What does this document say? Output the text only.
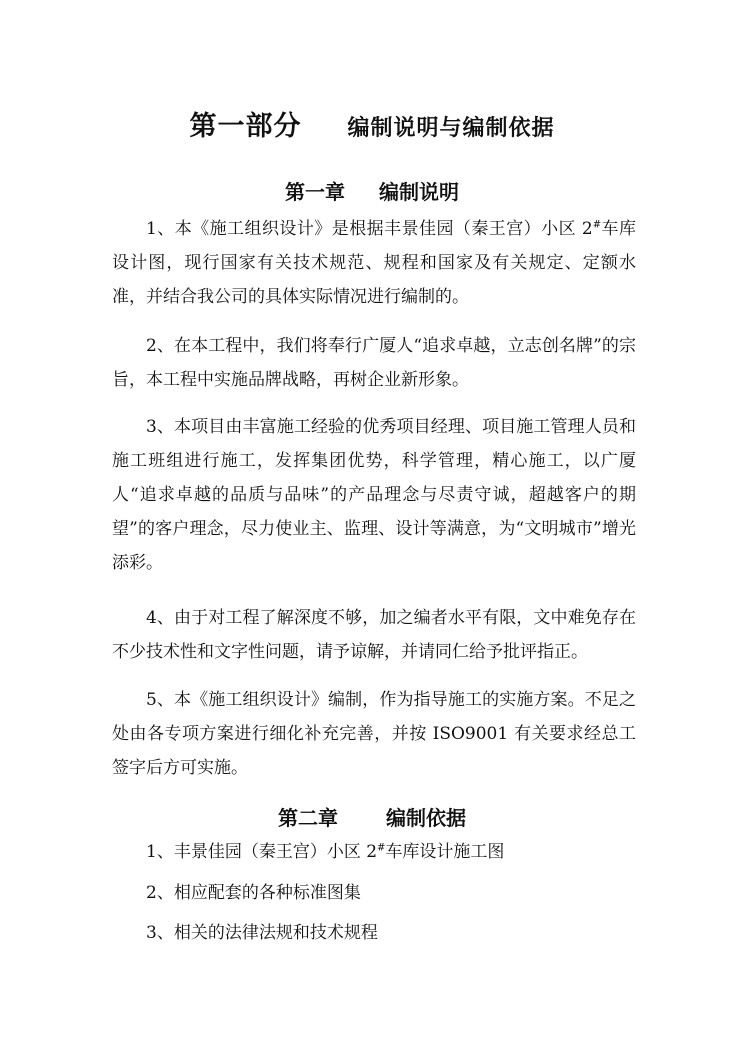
第一部分 编制说明与编制依据
第一章 编制说明
1、本《施工组织设计》是根据丰景佳园（秦王宫）小区 2#车库设计图，现行国家有关技术规范、规程和国家及有关规定、定额水准，并结合我公司的具体实际情况进行编制的。
2、在本工程中，我们将奉行广厦人“追求卓越，立志创名牌”的宗旨，本工程中实施品牌战略，再树企业新形象。
3、本项目由丰富施工经验的优秀项目经理、项目施工管理人员和施工班组进行施工，发挥集团优势，科学管理，精心施工，以广厦人“追求卓越的品质与品味”的产品理念与尽责守诚，超越客户的期望”的客户理念，尽力使业主、监理、设计等满意，为“文明城市”增光添彩。
4、由于对工程了解深度不够，加之编者水平有限，文中难免存在不少技术性和文字性问题，请予谅解，并请同仁给予批评指正。
5、本《施工组织设计》编制，作为指导施工的实施方案。不足之处由各专项方案进行细化补充完善，并按 ISO9001 有关要求经总工签字后方可实施。
第二章 编制依据
1、丰景佳园（秦王宫）小区 2#车库设计施工图
2、相应配套的各种标准图集
3、相关的法律法规和技术规程
